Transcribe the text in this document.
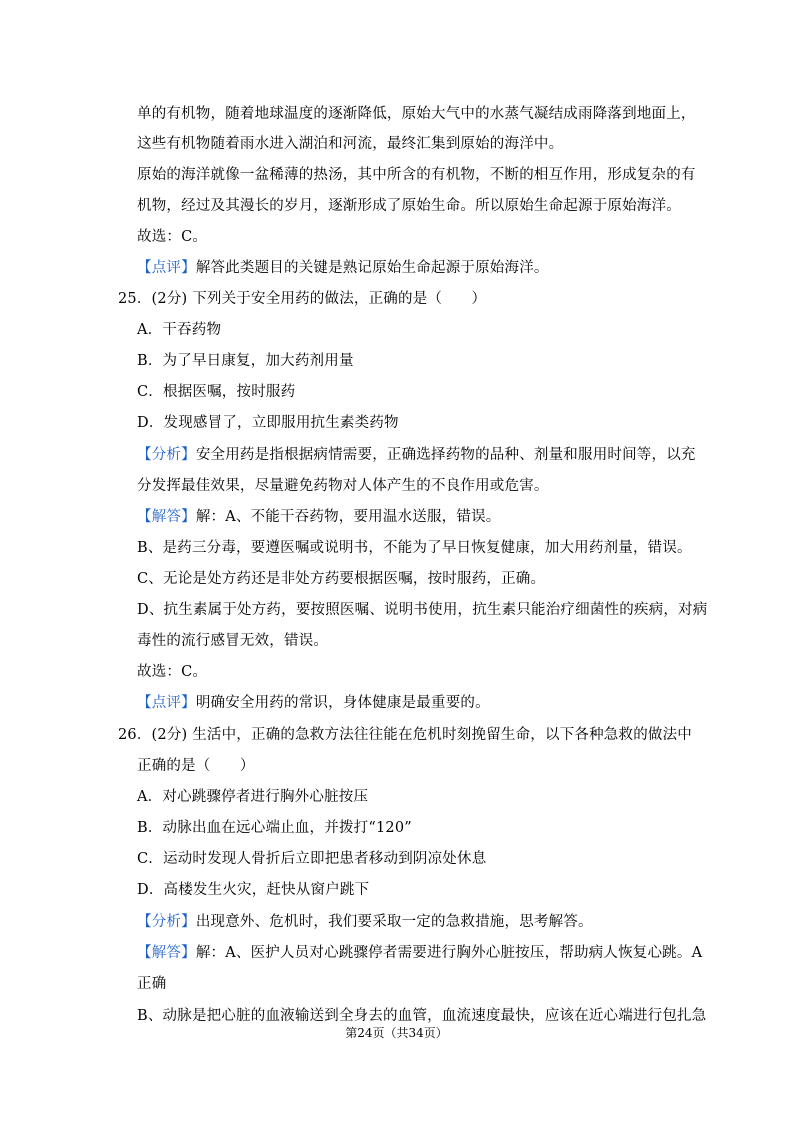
单的有机物，随着地球温度的逐渐降低，原始大气中的水蒸气凝结成雨降落到地面上，
这些有机物随着雨水进入湖泊和河流，最终汇集到原始的海洋中。
原始的海洋就像一盆稀薄的热汤，其中所含的有机物，不断的相互作用，形成复杂的有
机物，经过及其漫长的岁月，逐渐形成了原始生命。所以原始生命起源于原始海洋。
故选：C。
【点评】解答此类题目的关键是熟记原始生命起源于原始海洋。
25．(2分) 下列关于安全用药的做法，正确的是（　　）
A．干吞药物
B．为了早日康复，加大药剂用量
C．根据医嘱，按时服药
D．发现感冒了，立即服用抗生素类药物
【分析】安全用药是指根据病情需要，正确选择药物的品种、剂量和服用时间等，以充
分发挥最佳效果，尽量避免药物对人体产生的不良作用或危害。
【解答】解：A、不能干吞药物，要用温水送服，错误。
B、是药三分毒，要遵医嘱或说明书，不能为了早日恢复健康，加大用药剂量，错误。
C、无论是处方药还是非处方药要根据医嘱，按时服药，正确。
D、抗生素属于处方药，要按照医嘱、说明书使用，抗生素只能治疗细菌性的疾病，对病
毒性的流行感冒无效，错误。
故选：C。
【点评】明确安全用药的常识，身体健康是最重要的。
26．(2分) 生活中，正确的急救方法往往能在危机时刻挽留生命，以下各种急救的做法中
正确的是（　　）
A．对心跳骤停者进行胸外心脏按压
B．动脉出血在远心端止血，并拨打“120”
C．运动时发现人骨折后立即把患者移动到阴凉处休息
D．高楼发生火灾，赶快从窗户跳下
【分析】出现意外、危机时，我们要采取一定的急救措施，思考解答。
【解答】解：A、医护人员对心跳骤停者需要进行胸外心脏按压，帮助病人恢复心跳。A
正确
B、动脉是把心脏的血液输送到全身去的血管，血流速度最快，应该在近心端进行包扎急
第24页（共34页）
